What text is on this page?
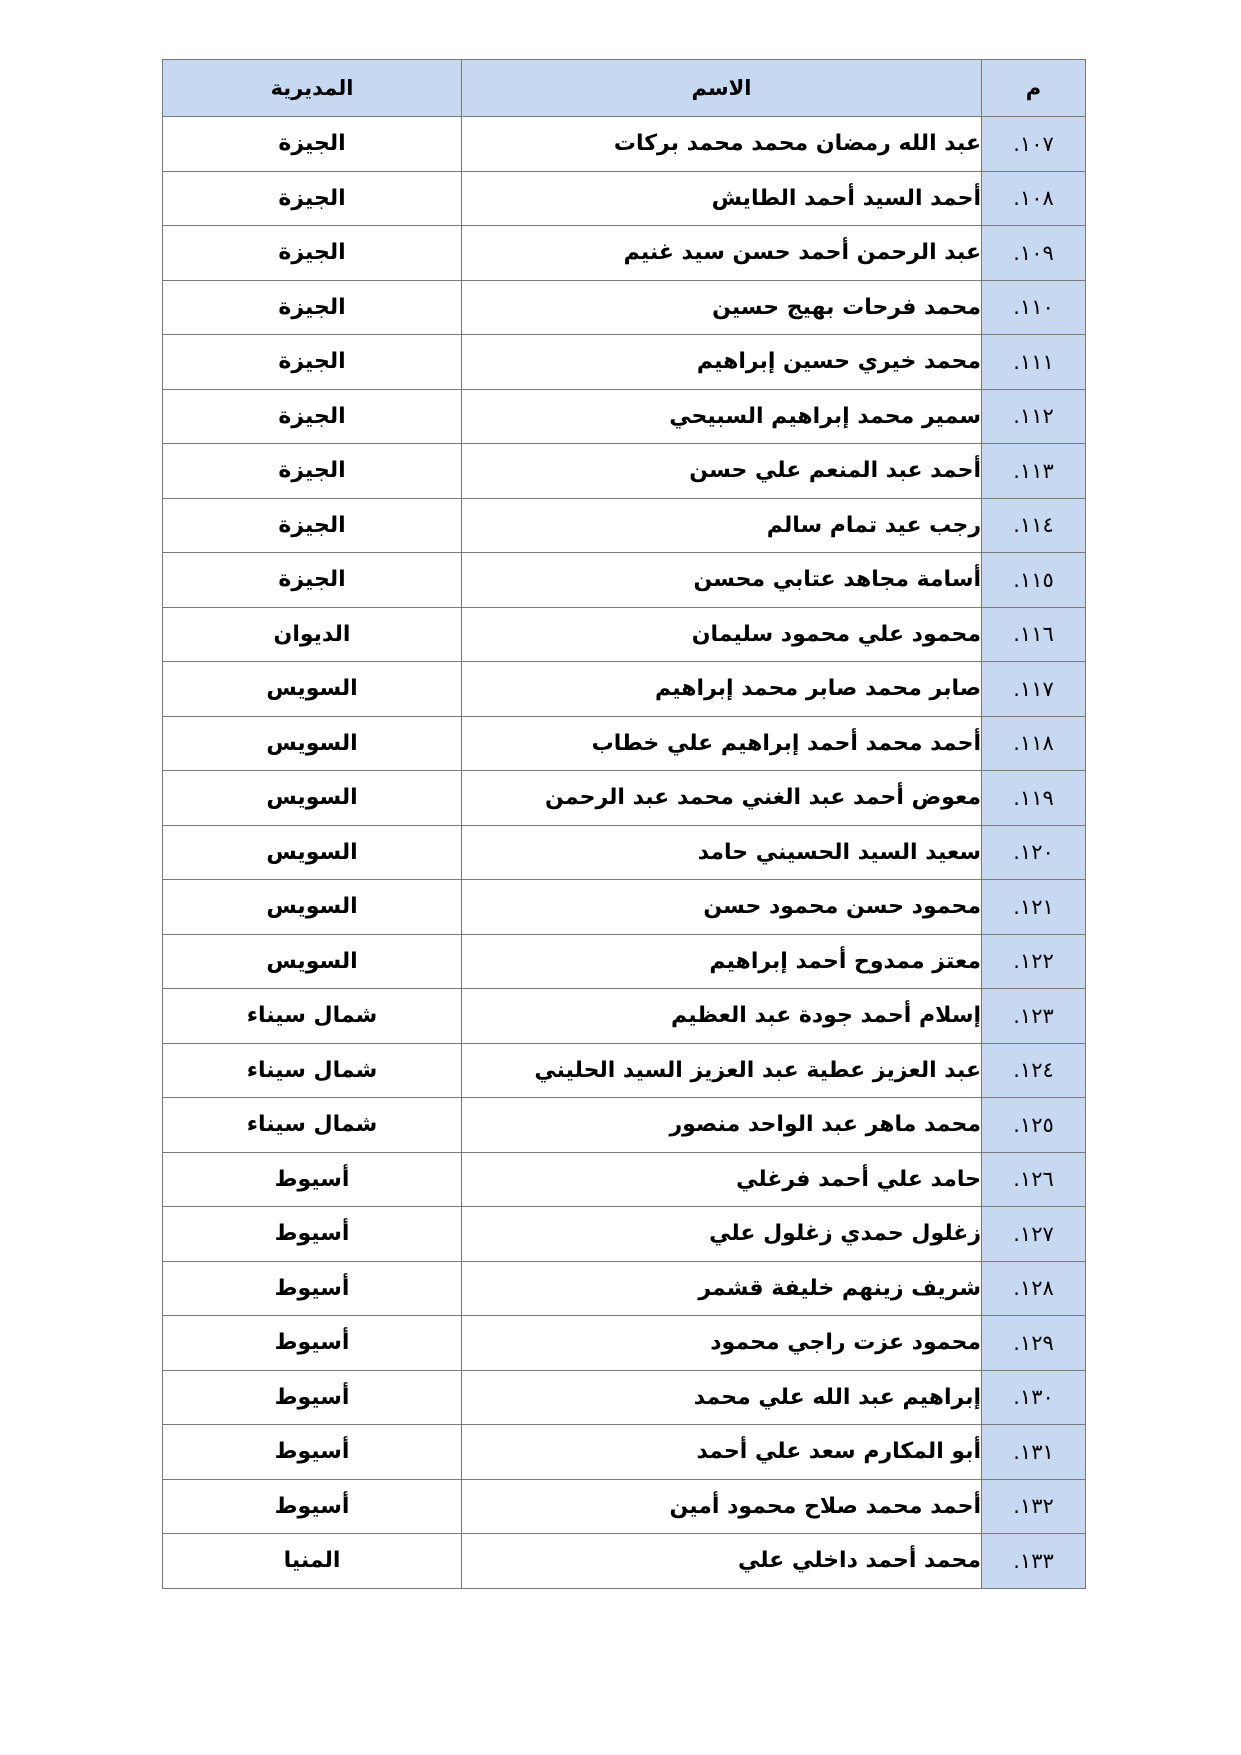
م	الاسم	المديرية
١٠٧.	عبد الله رمضان محمد محمد بركات	الجيزة
١٠٨.	أحمد السيد أحمد الطايش	الجيزة
١٠٩.	عبد الرحمن أحمد حسن سيد غنيم	الجيزة
١١٠.	محمد فرحات بهيج حسين	الجيزة
١١١.	محمد خيري حسين إبراهيم	الجيزة
١١٢.	سمير محمد إبراهيم السبيحي	الجيزة
١١٣.	أحمد عبد المنعم علي حسن	الجيزة
١١٤.	رجب عيد تمام سالم	الجيزة
١١٥.	أسامة مجاهد عتابي محسن	الجيزة
١١٦.	محمود علي محمود سليمان	الديوان
١١٧.	صابر محمد صابر محمد إبراهيم	السويس
١١٨.	أحمد محمد أحمد إبراهيم علي خطاب	السويس
١١٩.	معوض أحمد عبد الغني محمد عبد الرحمن	السويس
١٢٠.	سعيد السيد الحسيني حامد	السويس
١٢١.	محمود حسن محمود حسن	السويس
١٢٢.	معتز ممدوح أحمد إبراهيم	السويس
١٢٣.	إسلام أحمد جودة عبد العظيم	شمال سيناء
١٢٤.	عبد العزيز عطية عبد العزيز السيد الحليني	شمال سيناء
١٢٥.	محمد ماهر عبد الواحد منصور	شمال سيناء
١٢٦.	حامد علي أحمد فرغلي	أسيوط
١٢٧.	زغلول حمدي زغلول علي	أسيوط
١٢٨.	شريف زينهم خليفة قشمر	أسيوط
١٢٩.	محمود عزت راجي محمود	أسيوط
١٣٠.	إبراهيم عبد الله علي محمد	أسيوط
١٣١.	أبو المكارم سعد علي أحمد	أسيوط
١٣٢.	أحمد محمد صلاح محمود أمين	أسيوط
١٣٣.	محمد أحمد داخلي علي	المنيا
